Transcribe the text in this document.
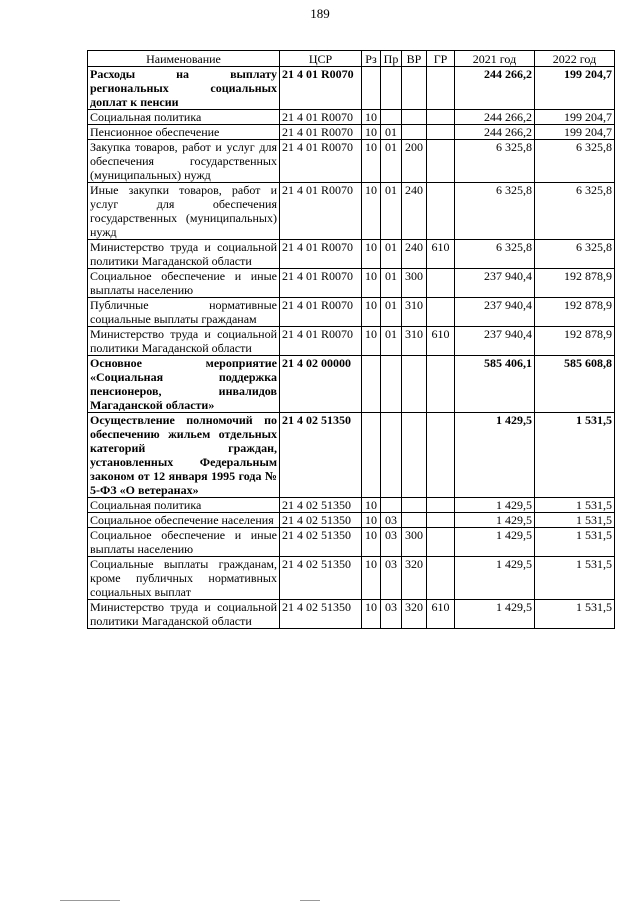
189
Наименование	ЦСР	Рз	Пр	ВР	ГР	2021 год	2022 год
Расходы на выплату региональных социальных доплат к пенсии	21 4 01 R0070					244 266,2	199 204,7
Социальная политика	21 4 01 R0070	10				244 266,2	199 204,7
Пенсионное обеспечение	21 4 01 R0070	10	01			244 266,2	199 204,7
Закупка товаров, работ и услуг для обеспечения государственных (муниципальных) нужд	21 4 01 R0070	10	01	200		6 325,8	6 325,8
Иные закупки товаров, работ и услуг для обеспечения государственных (муниципальных) нужд	21 4 01 R0070	10	01	240		6 325,8	6 325,8
Министерство труда и социальной политики Магаданской области	21 4 01 R0070	10	01	240	610	6 325,8	6 325,8
Социальное обеспечение и иные выплаты населению	21 4 01 R0070	10	01	300		237 940,4	192 878,9
Публичные нормативные социальные выплаты гражданам	21 4 01 R0070	10	01	310		237 940,4	192 878,9
Министерство труда и социальной политики Магаданской области	21 4 01 R0070	10	01	310	610	237 940,4	192 878,9
Основное мероприятие «Социальная поддержка пенсионеров, инвалидов Магаданской области»	21 4 02 00000					585 406,1	585 608,8
Осуществление полномочий по обеспечению жильем отдельных категорий граждан, установленных Федеральным законом от 12 января 1995 года № 5-ФЗ «О ветеранах»	21 4 02 51350					1 429,5	1 531,5
Социальная политика	21 4 02 51350	10				1 429,5	1 531,5
Социальное обеспечение населения	21 4 02 51350	10	03			1 429,5	1 531,5
Социальное обеспечение и иные выплаты населению	21 4 02 51350	10	03	300		1 429,5	1 531,5
Социальные выплаты гражданам, кроме публичных нормативных социальных выплат	21 4 02 51350	10	03	320		1 429,5	1 531,5
Министерство труда и социальной политики Магаданской области	21 4 02 51350	10	03	320	610	1 429,5	1 531,5
